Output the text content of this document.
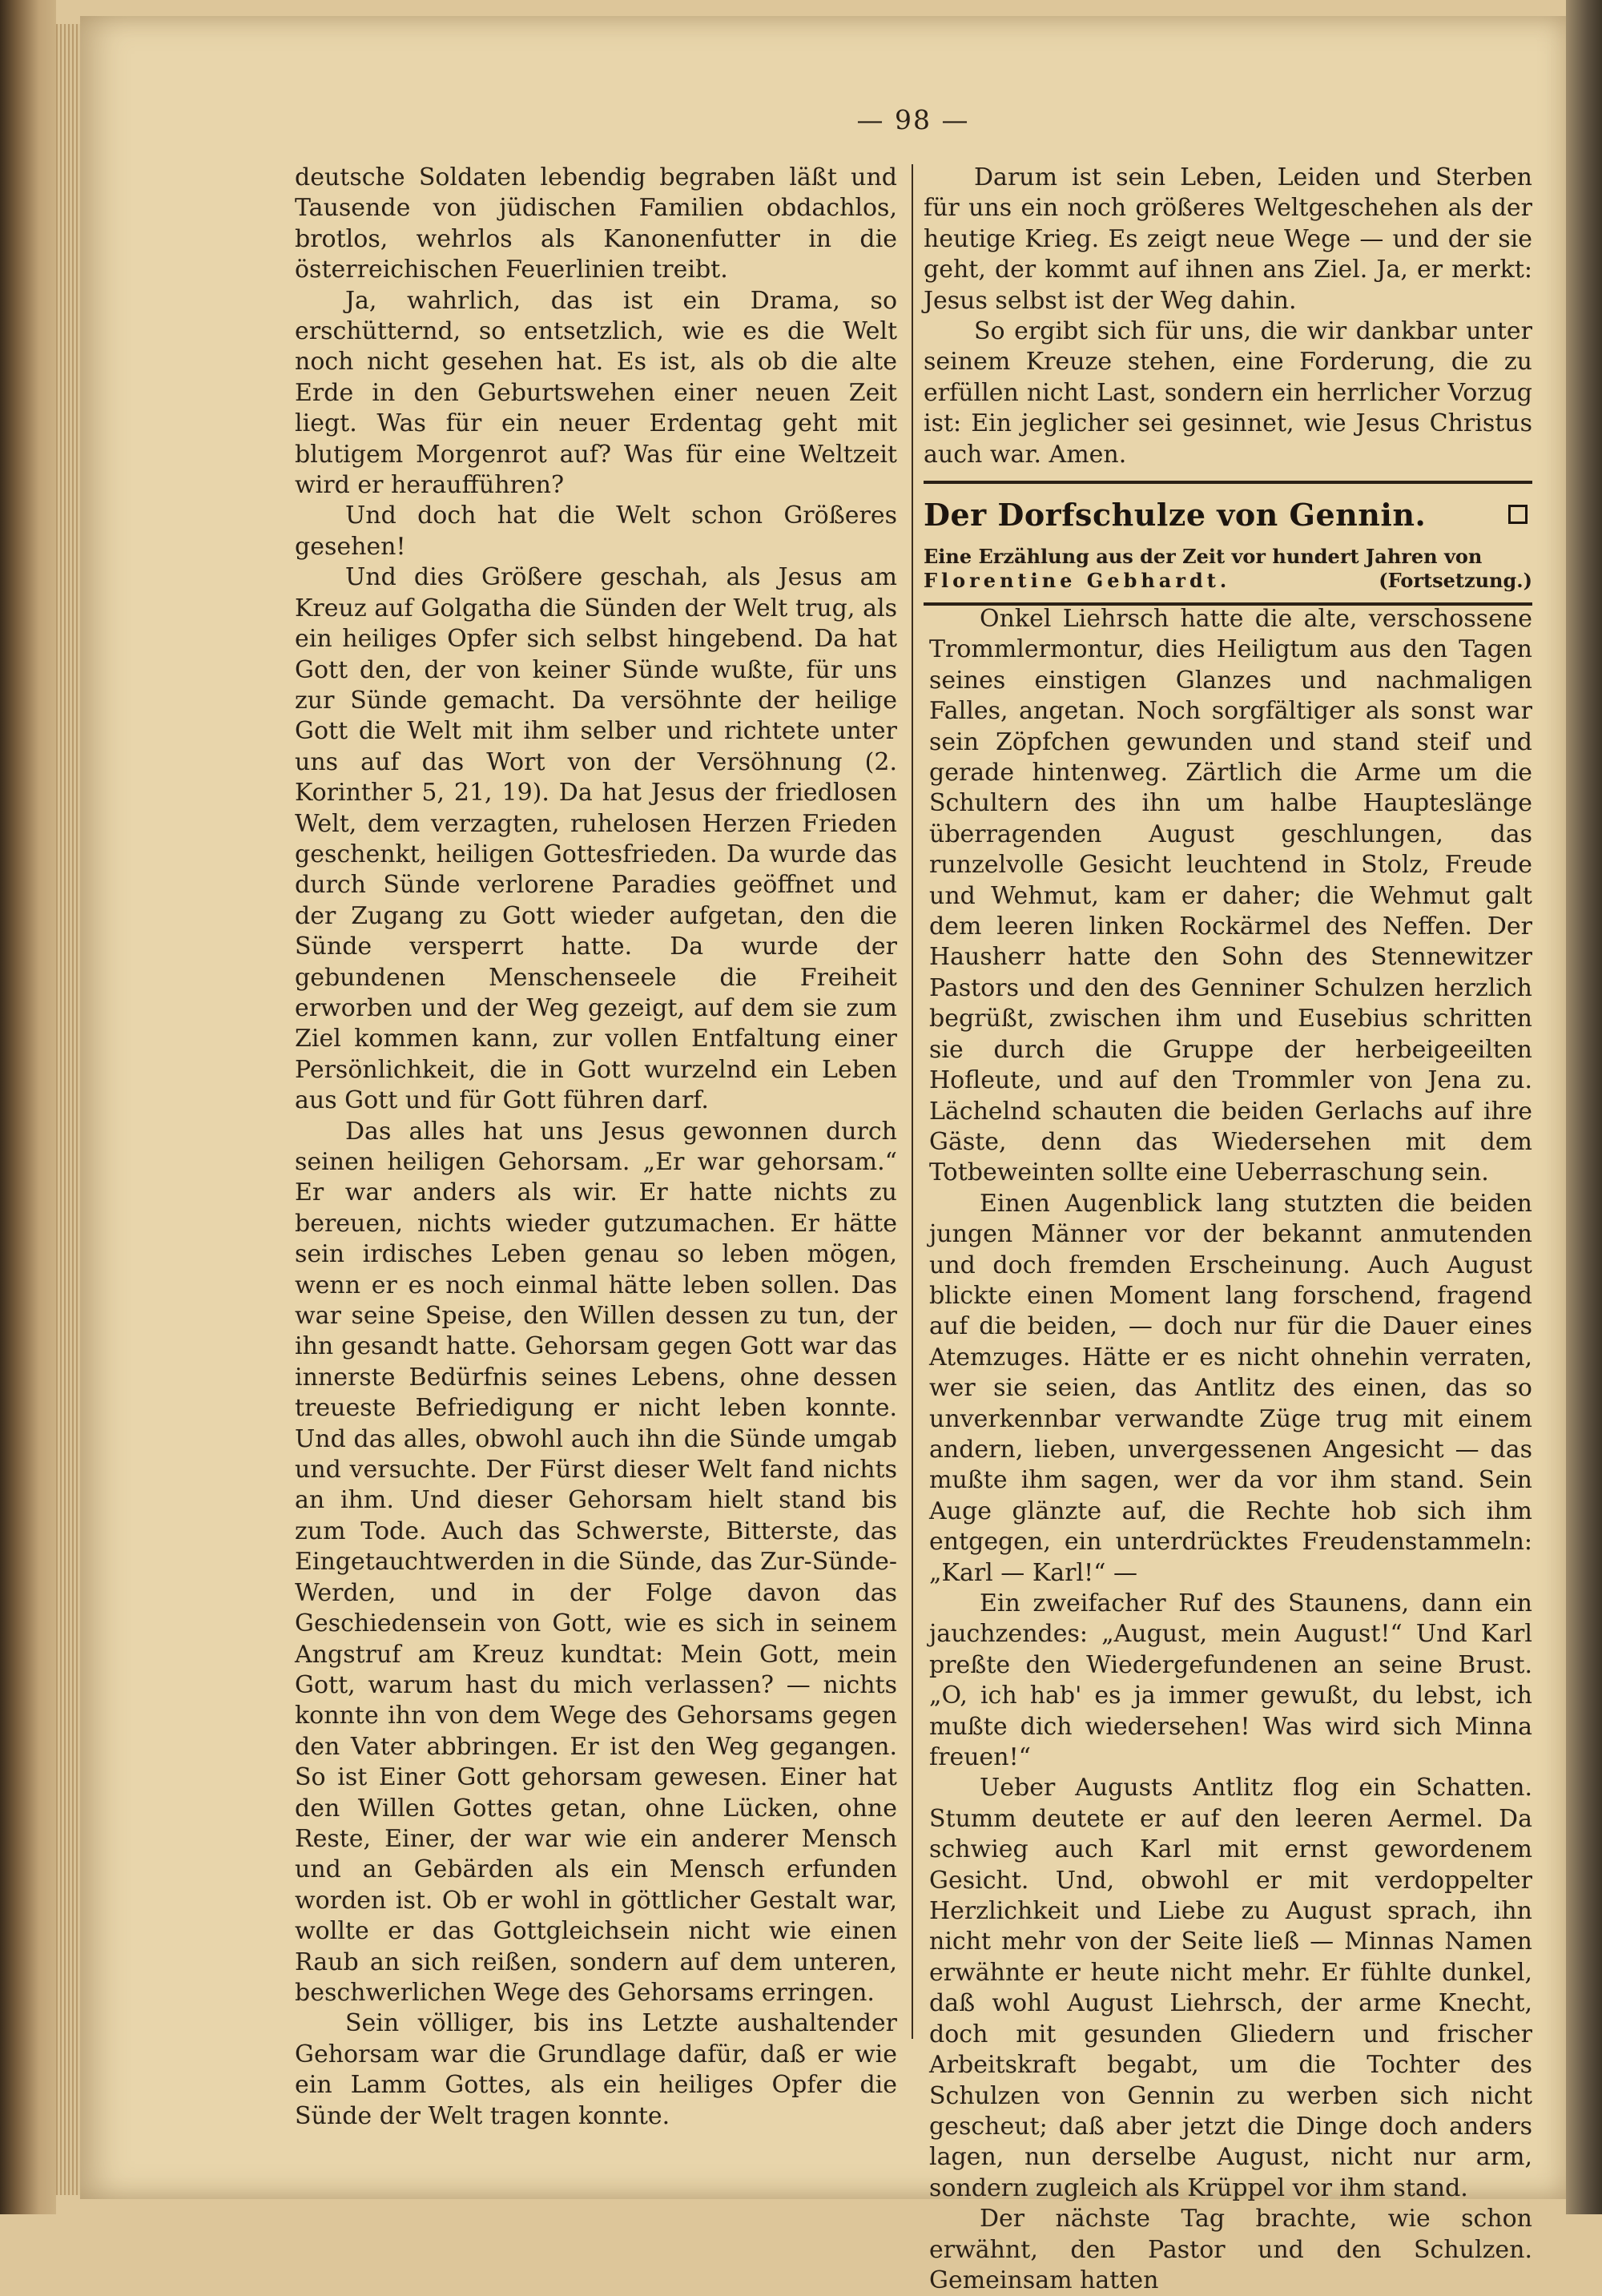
— 98 —

deutsche Soldaten lebendig begraben läßt und Tausende von jüdischen Familien obdachlos, brotlos, wehrlos als Kanonenfutter in die österreichischen Feuerlinien treibt.

Ja, wahrlich, das ist ein Drama, so erschütternd, so entsetzlich, wie es die Welt noch nicht gesehen hat. Es ist, als ob die alte Erde in den Geburtswehen einer neuen Zeit liegt. Was für ein neuer Erdentag geht mit blutigem Morgenrot auf? Was für eine Weltzeit wird er heraufführen?

Und doch hat die Welt schon Größeres gesehen!

Und dies Größere geschah, als Jesus am Kreuz auf Golgatha die Sünden der Welt trug, als ein heiliges Opfer sich selbst hingebend. Da hat Gott den, der von keiner Sünde wußte, für uns zur Sünde gemacht. Da versöhnte der heilige Gott die Welt mit ihm selber und richtete unter uns auf das Wort von der Versöhnung (2. Korinther 5, 21, 19). Da hat Jesus der friedlosen Welt, dem verzagten, ruhelosen Herzen Frieden geschenkt, heiligen Gottesfrieden. Da wurde das durch Sünde verlorene Paradies geöffnet und der Zugang zu Gott wieder aufgetan, den die Sünde versperrt hatte. Da wurde der gebundenen Menschenseele die Freiheit erworben und der Weg gezeigt, auf dem sie zum Ziel kommen kann, zur vollen Entfaltung einer Persönlichkeit, die in Gott wurzelnd ein Leben aus Gott und für Gott führen darf.

Das alles hat uns Jesus gewonnen durch seinen heiligen Gehorsam. „Er war gehorsam.“ Er war anders als wir. Er hatte nichts zu bereuen, nichts wieder gutzumachen. Er hätte sein irdisches Leben genau so leben mögen, wenn er es noch einmal hätte leben sollen. Das war seine Speise, den Willen dessen zu tun, der ihn gesandt hatte. Gehorsam gegen Gott war das innerste Bedürfnis seines Lebens, ohne dessen treueste Befriedigung er nicht leben konnte. Und das alles, obwohl auch ihn die Sünde umgab und versuchte. Der Fürst dieser Welt fand nichts an ihm. Und dieser Gehorsam hielt stand bis zum Tode. Auch das Schwerste, Bitterste, das Eingetauchtwerden in die Sünde, das Zur-Sünde-Werden, und in der Folge davon das Geschiedensein von Gott, wie es sich in seinem Angstruf am Kreuz kundtat: Mein Gott, mein Gott, warum hast du mich verlassen? — nichts konnte ihn von dem Wege des Gehorsams gegen den Vater abbringen. Er ist den Weg gegangen. So ist Einer Gott gehorsam gewesen. Einer hat den Willen Gottes getan, ohne Lücken, ohne Reste, Einer, der war wie ein anderer Mensch und an Gebärden als ein Mensch erfunden worden ist. Ob er wohl in göttlicher Gestalt war, wollte er das Gottgleichsein nicht wie einen Raub an sich reißen, sondern auf dem unteren, beschwerlichen Wege des Gehorsams erringen.

Sein völliger, bis ins Letzte aushaltender Gehorsam war die Grundlage dafür, daß er wie ein Lamm Gottes, als ein heiliges Opfer die Sünde der Welt tragen konnte.

Darum ist sein Leben, Leiden und Sterben für uns ein noch größeres Weltgeschehen als der heutige Krieg. Es zeigt neue Wege — und der sie geht, der kommt auf ihnen ans Ziel. Ja, er merkt: Jesus selbst ist der Weg dahin.

So ergibt sich für uns, die wir dankbar unter seinem Kreuze stehen, eine Forderung, die zu erfüllen nicht Last, sondern ein herrlicher Vorzug ist: Ein jeglicher sei gesinnet, wie Jesus Christus auch war. Amen.

Der Dorfschulze von Gennin.
Eine Erzählung aus der Zeit vor hundert Jahren von
Florentine Gebhardt.	(Fortsetzung.)

Onkel Liehrsch hatte die alte, verschossene Trommlermontur, dies Heiligtum aus den Tagen seines einstigen Glanzes und nachmaligen Falles, angetan. Noch sorgfältiger als sonst war sein Zöpfchen gewunden und stand steif und gerade hintenweg. Zärtlich die Arme um die Schultern des ihn um halbe Haupteslänge überragenden August geschlungen, das runzelvolle Gesicht leuchtend in Stolz, Freude und Wehmut, kam er daher; die Wehmut galt dem leeren linken Rockärmel des Neffen. Der Hausherr hatte den Sohn des Stennewitzer Pastors und den des Genniner Schulzen herzlich begrüßt, zwischen ihm und Eusebius schritten sie durch die Gruppe der herbeigeeilten Hofleute, und auf den Trommler von Jena zu. Lächelnd schauten die beiden Gerlachs auf ihre Gäste, denn das Wiedersehen mit dem Totbeweinten sollte eine Ueberraschung sein.

Einen Augenblick lang stutzten die beiden jungen Männer vor der bekannt anmutenden und doch fremden Erscheinung. Auch August blickte einen Moment lang forschend, fragend auf die beiden, — doch nur für die Dauer eines Atemzuges. Hätte er es nicht ohnehin verraten, wer sie seien, das Antlitz des einen, das so unverkennbar verwandte Züge trug mit einem andern, lieben, unvergessenen Angesicht — das mußte ihm sagen, wer da vor ihm stand. Sein Auge glänzte auf, die Rechte hob sich ihm entgegen, ein unterdrücktes Freudenstammeln: „Karl — Karl!“ —

Ein zweifacher Ruf des Staunens, dann ein jauchzendes: „August, mein August!“ Und Karl preßte den Wiedergefundenen an seine Brust. „O, ich hab' es ja immer gewußt, du lebst, ich mußte dich wiedersehen! Was wird sich Minna freuen!“

Ueber Augusts Antlitz flog ein Schatten. Stumm deutete er auf den leeren Aermel. Da schwieg auch Karl mit ernst gewordenem Gesicht. Und, obwohl er mit verdoppelter Herzlichkeit und Liebe zu August sprach, ihn nicht mehr von der Seite ließ — Minnas Namen erwähnte er heute nicht mehr. Er fühlte dunkel, daß wohl August Liehrsch, der arme Knecht, doch mit gesunden Gliedern und frischer Arbeitskraft begabt, um die Tochter des Schulzen von Gennin zu werben sich nicht gescheut; daß aber jetzt die Dinge doch anders lagen, nun derselbe August, nicht nur arm, sondern zugleich als Krüppel vor ihm stand.

Der nächste Tag brachte, wie schon erwähnt, den Pastor und den Schulzen. Gemeinsam hatten
